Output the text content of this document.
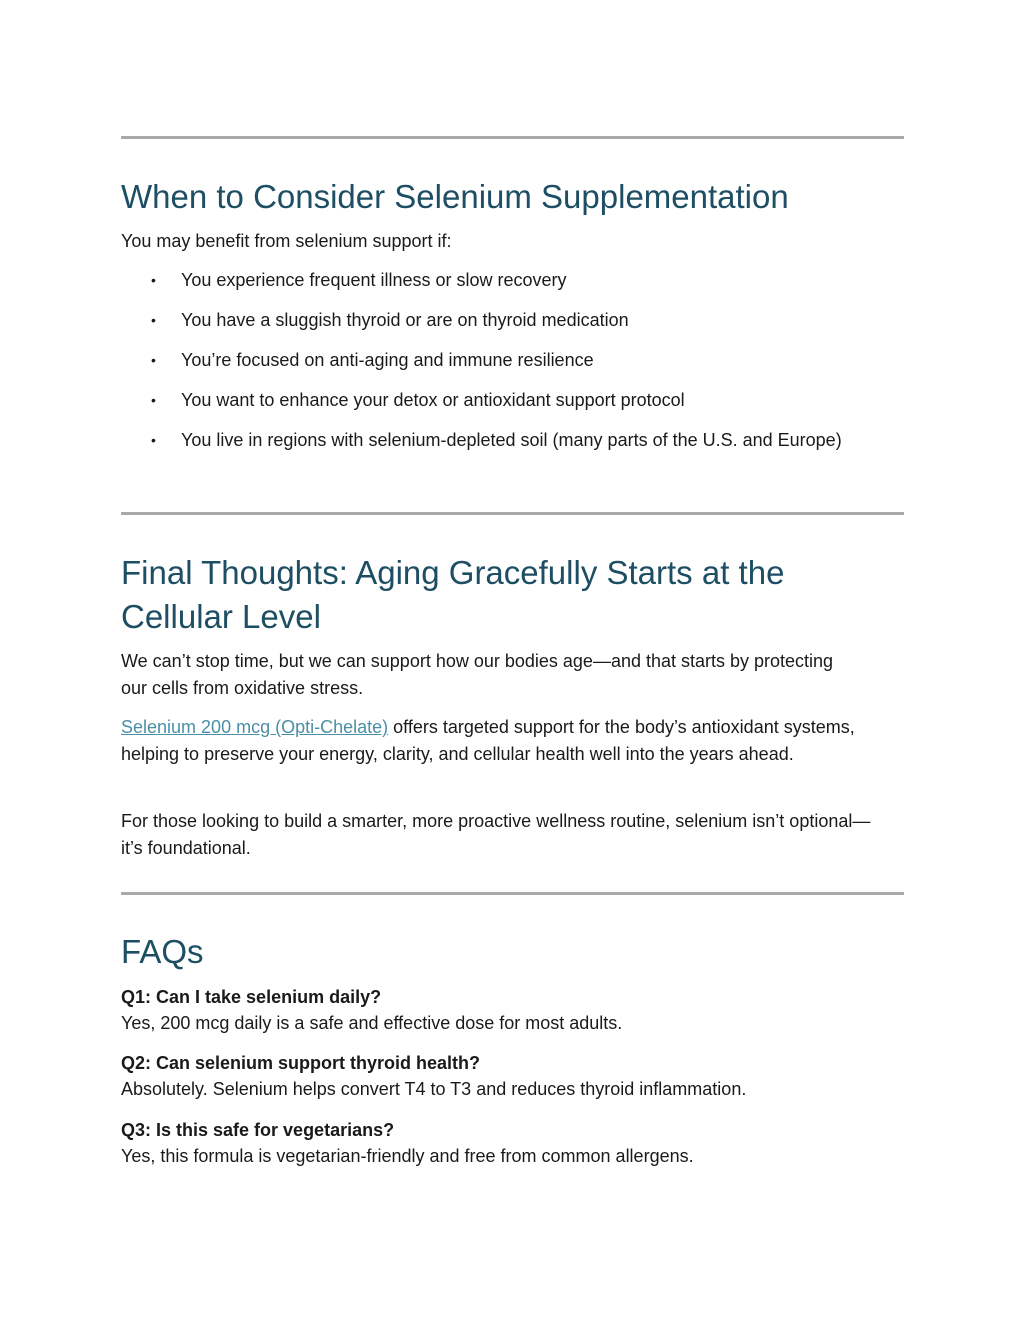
When to Consider Selenium Supplementation

You may benefit from selenium support if:

• You experience frequent illness or slow recovery
• You have a sluggish thyroid or are on thyroid medication
• You’re focused on anti-aging and immune resilience
• You want to enhance your detox or antioxidant support protocol
• You live in regions with selenium-depleted soil (many parts of the U.S. and Europe)
Final Thoughts: Aging Gracefully Starts at the Cellular Level

We can’t stop time, but we can support how our bodies age—and that starts by protecting our cells from oxidative stress.

Selenium 200 mcg (Opti-Chelate) offers targeted support for the body’s antioxidant systems, helping to preserve your energy, clarity, and cellular health well into the years ahead.

For those looking to build a smarter, more proactive wellness routine, selenium isn’t optional—it’s foundational.

FAQs
Q1: Can I take selenium daily?
Yes, 200 mcg daily is a safe and effective dose for most adults.
Q2: Can selenium support thyroid health?
Absolutely. Selenium helps convert T4 to T3 and reduces thyroid inflammation.
Q3: Is this safe for vegetarians?
Yes, this formula is vegetarian-friendly and free from common allergens.
